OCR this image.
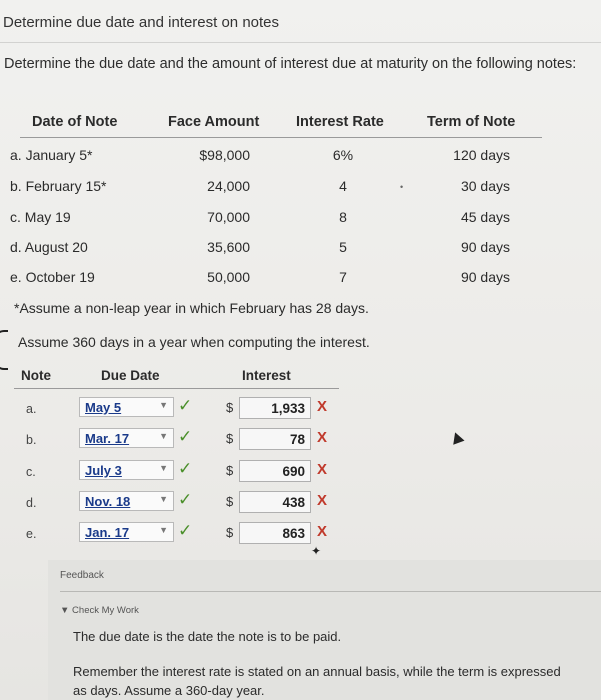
Determine due date and interest on notes
Determine the due date and the amount of interest due at maturity on the following notes:
Date of Note	Face Amount	Interest Rate	Term of Note
a. January 5*	$98,000	6%	120 days
b. February 15*	24,000	4	30 days
c. May 19	70,000	8	45 days
d. August 20	35,600	5	90 days
e. October 19	50,000	7	90 days
•
*Assume a non-leap year in which February has 28 days.
Assume 360 days in a year when computing the interest.
Note	Due Date	Interest
a.	May 5	▼ ✓	$	1,933 X
b.	Mar. 17	▼ ✓	$	78 X
c.	July 3	▼ ✓	$	690 X
d.	Nov. 18	▼ ✓	$	438 X
e.	Jan. 17	▼ ✓	$	863 X
✦
Feedback
▼ Check My Work
The due date is the date the note is to be paid.
Remember the interest rate is stated on an annual basis, while the term is expressed as days. Assume a 360-day year.
